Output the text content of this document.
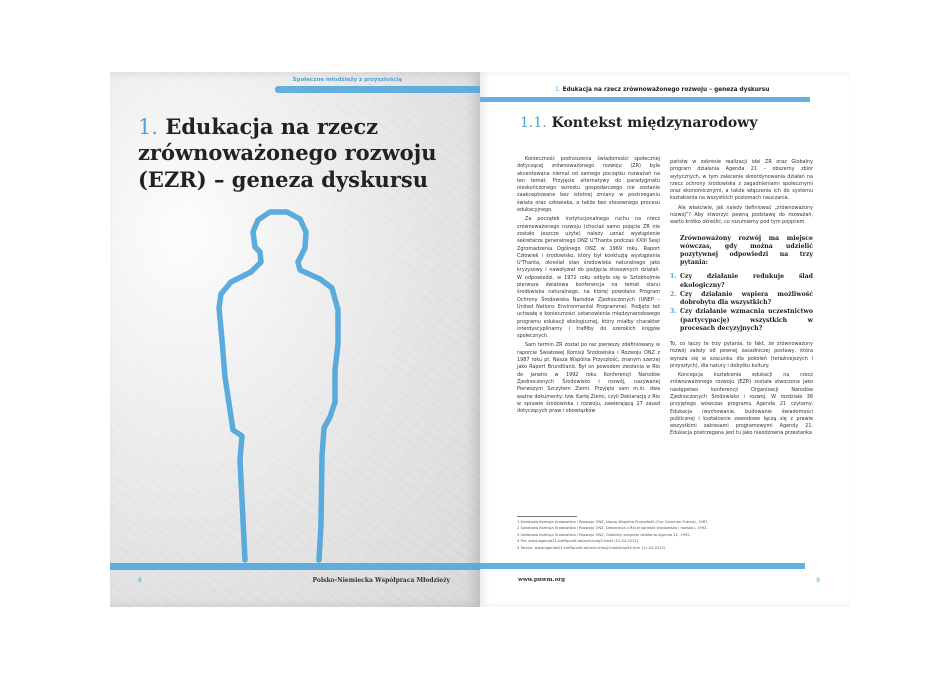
Społeczne młodzieży z przyszłością
1. Edukacja na rzecz zrównoważonego rozwoju (EZR) – geneza dyskursu
8	Polsko-Niemiecka Współpraca Młodzieży
1. Edukacja na rzecz zrównoważonego rozwoju – geneza dyskursu
1.1. Kontekst międzynarodowy

Konieczność podnoszenia świadomości społecznej dotyczącej zrównoważonego rozwoju (ZR) była akcentowana niemal od samego początku rozważań na ten temat. Przyjęcie alternatywy do paradygmatu nieskończonego wzrostu gospodarczego nie zostanie zaakceptowane bez istotnej zmiany w postrzeganiu świata oraz człowieka, a także bez stosownego procesu edukacyjnego.

Za początek instytucjonalnego ruchu na rzecz zrównoważonego rozwoju (chociaż samo pojęcie ZR nie zostało jeszcze użyte) należy uznać wystąpienie sekretarza generalnego ONZ U'Thanta podczas XXIII Sesji Zgromadzenia Ogólnego ONZ w 1969 roku. Raport Człowiek i środowisko, który był konkluzją wystąpienia U'Thanta, określał stan środowiska naturalnego jako kryzysowy i nawoływał do podjęcia stosownych działań. W odpowiedzi, w 1972 roku odbyła się w Sztokholmie pierwsza światowa konferencja na temat stanu środowiska naturalnego, na której powołano Program Ochrony Środowiska Narodów Zjednoczonych (UNEP – United Nations Environmental Programme). Podjęto też uchwałę o konieczności ustanowienia międzynarodowego programu edukacji ekologicznej, który miałby charakter interdyscyplinarny i trafiłby do szerokich kręgów społecznych.

Sam termin ZR został po raz pierwszy zdefiniowany w raporcie Światowej Komisji Środowiska i Rozwoju ONZ z 1987 roku pt. Nasza Wspólna Przyszłość, znanym szerzej jako Raport Brundtland. Był on powodem zwołania w Rio de Janeiro w 1992 roku Konferencji Narodów Zjednoczonych Środowisko i rozwój, nazywanej Pierwszym Szczytem Ziemi. Przyjęto sam m.in. dwa ważne dokumenty: tzw. Kartę Ziemi, czyli Deklarację z Rio w sprawie środowiska i rozwoju, zawierającą 27 zasad dotyczących praw i obowiązków

państw w zakresie realizacji idei ZR oraz Globalny program działania Agenda 21 – obszerny zbiór wytycznych, w tym zalecenie skoordynowania działań na rzecz ochrony środowiska z zagadnieniami społecznymi oraz ekonomicznymi, a także włączenia ich do systemu kształcenia na wszystkich poziomach nauczania.

Ale właściwie, jak należy definiować „zrównoważony rozwój”? Aby stworzyć pewną podstawę do rozważań, warto krótko określić, co rozumiemy pod tym pojęciem.

Zrównoważony rozwój ma miejsce wówczas, gdy można udzielić pozytywnej odpowiedzi na trzy pytania:

1. Czy działanie redukuje ślad ekologiczny?
2. Czy działanie wspiera możliwość dobrobytu dla wszystkich?
3. Czy działanie wzmacnia uczestnictwo (partycypację) wszystkich w procesach decyzyjnych?

To, co łączy te trzy pytania, to fakt, że zrównoważony rozwój zależy od pewnej zasadniczej postawy, która wyraża się w szacunku dla pokoleń (teraźniejszych i przyszłych), dla natury i dobytku kultury.

Koncepcja kształcenia edukacji na rzecz zrównoważonego rozwoju (EZR) została stworzona jako następstwo konferencji Organizacji Narodów Zjednoczonych Środowisko i rozwój. W rozdziale 36 przyjętego wówczas programu Agenda 21 czytamy: Edukacja (wychowanie, budowanie świadomości publicznej i kształcenie zawodowe łączą się z prawie wszystkimi zakresami programowymi Agendy 21. Edukacja postrzegana jest tu jako nieodzowna przestanka

1 Światowa Komisja Środowiska i Rozwoju ONZ, Nasza Wspólna Przyszłość (Our Common Future), 1987.
2 Światowa Komisja Środowiska i Rozwoju ONZ, Deklaracja z Rio w sprawie środowiska i rozwoju, 1992.
3 Światowa Komisja Środowiska i Rozwoju ONZ, Globalny program działania Agenda 21, 1992.
4 Por. www.agenda21-treffpunkt.de/archiv/ag21doki (11.04.2012).
5 Tamże, www.agenda21-treffpunkt.de/archiv/ag21doki/kap36.htm (11.04.2012).
www.pnwm.org	9
